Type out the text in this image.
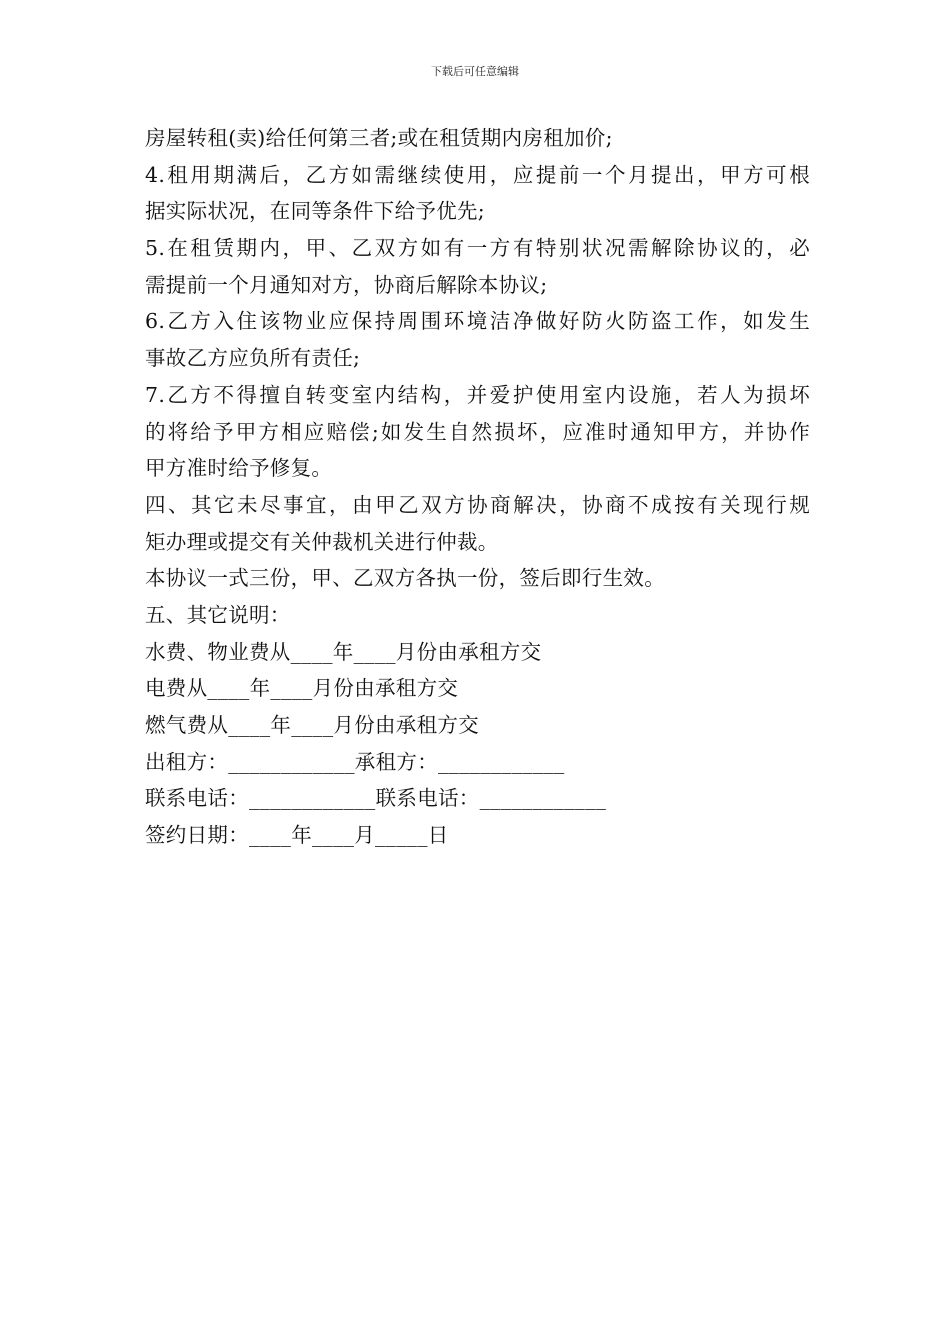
下载后可任意编辑
房屋转租(卖)给任何第三者;或在租赁期内房租加价;
4.租用期满后，乙方如需继续使用，应提前一个月提出，甲方可根
据实际状况，在同等条件下给予优先;
5.在租赁期内，甲、乙双方如有一方有特别状况需解除协议的，必
需提前一个月通知对方，协商后解除本协议;
6.乙方入住该物业应保持周围环境洁净做好防火防盗工作，如发生
事故乙方应负所有责任;
7.乙方不得擅自转变室内结构，并爱护使用室内设施，若人为损坏
的将给予甲方相应赔偿;如发生自然损坏，应准时通知甲方，并协作
甲方准时给予修复。
四、其它未尽事宜，由甲乙双方协商解决，协商不成按有关现行规
矩办理或提交有关仲裁机关进行仲裁。
本协议一式三份，甲、乙双方各执一份，签后即行生效。
五、其它说明：
水费、物业费从____年____月份由承租方交
电费从____年____月份由承租方交
燃气费从____年____月份由承租方交
出租方：____________承租方：____________
联系电话：____________联系电话：____________
签约日期：____年____月_____日
